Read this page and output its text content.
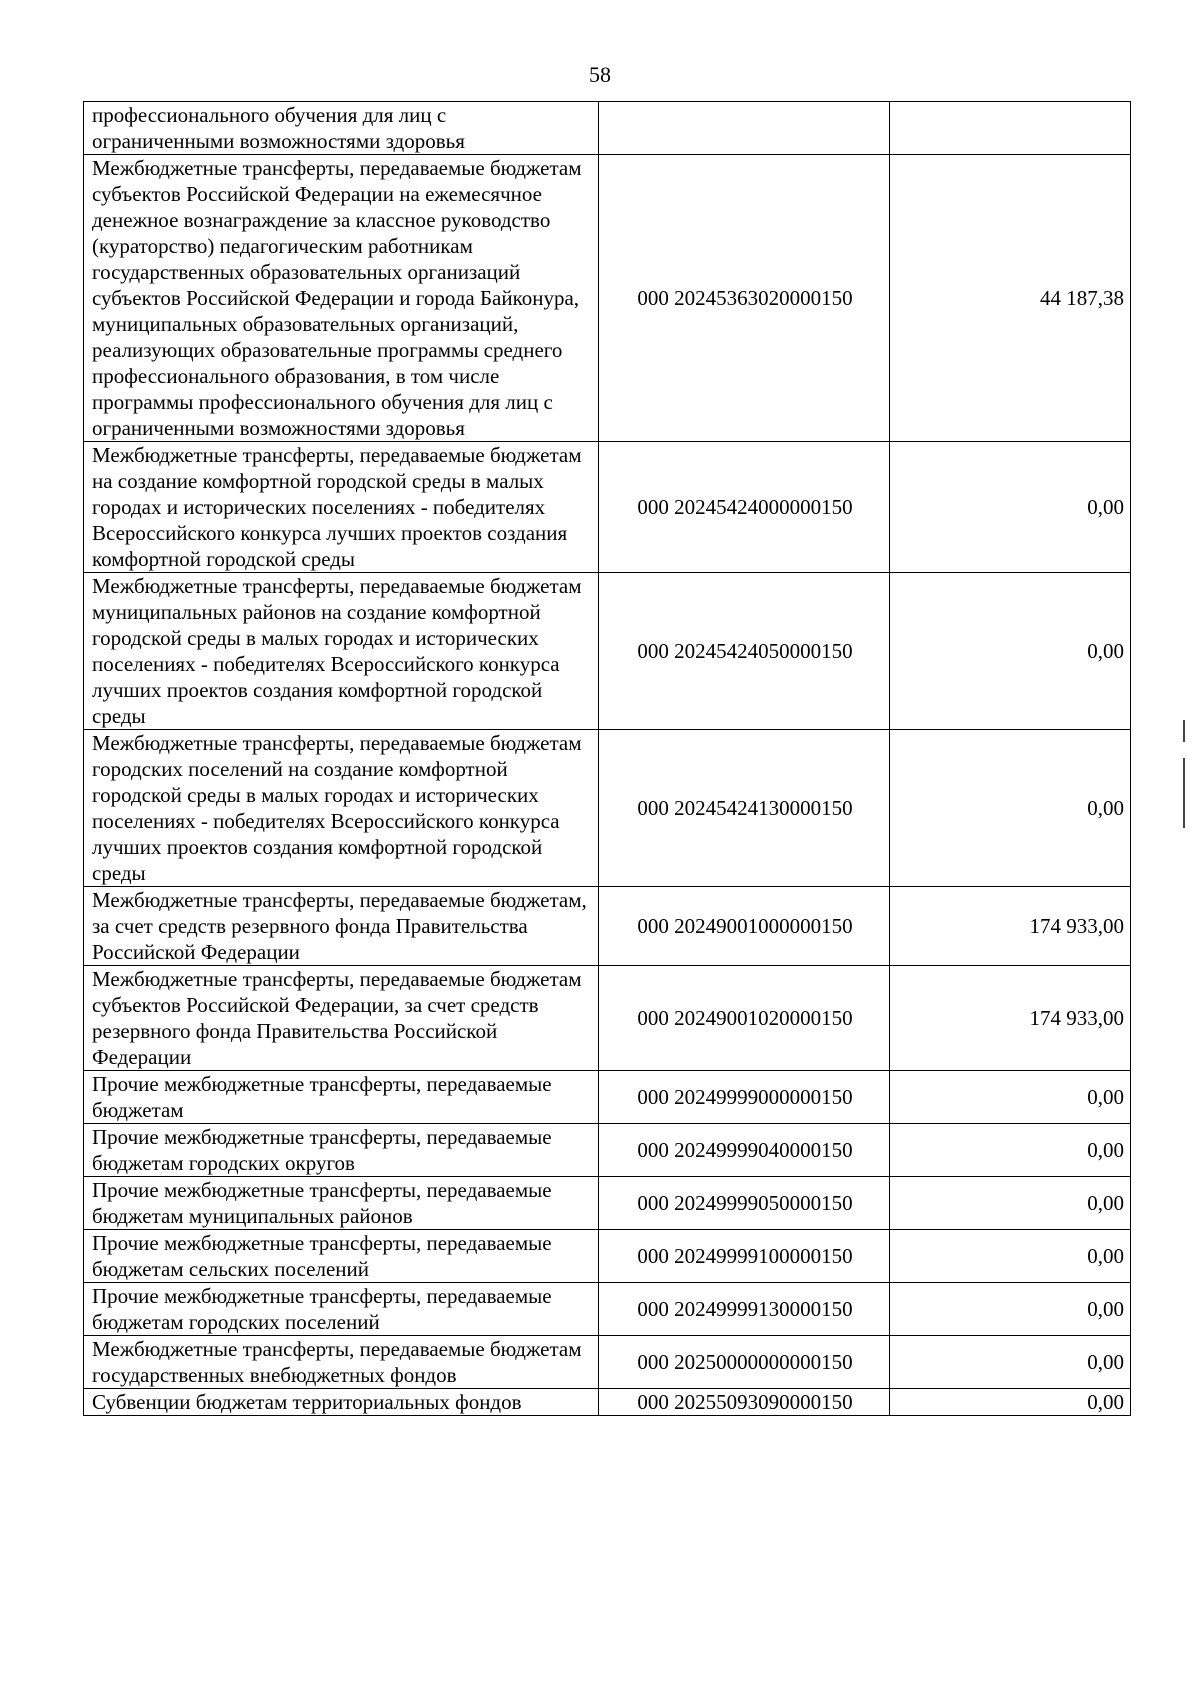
58
профессионального обучения для лиц с ограниченными возможностями здоровья		
Межбюджетные трансферты, передаваемые бюджетам субъектов Российской Федерации на ежемесячное денежное вознаграждение за классное руководство (кураторство) педагогическим работникам государственных образовательных организаций субъектов Российской Федерации и города Байконура, муниципальных образовательных организаций, реализующих образовательные программы среднего профессионального образования, в том числе программы профессионального обучения для лиц с ограниченными возможностями здоровья	000 20245363020000150	44 187,38
Межбюджетные трансферты, передаваемые бюджетам на создание комфортной городской среды в малых городах и исторических поселениях - победителях Всероссийского конкурса лучших проектов создания комфортной городской среды	000 20245424000000150	0,00
Межбюджетные трансферты, передаваемые бюджетам муниципальных районов на создание комфортной городской среды в малых городах и исторических поселениях - победителях Всероссийского конкурса лучших проектов создания комфортной городской среды	000 20245424050000150	0,00
Межбюджетные трансферты, передаваемые бюджетам городских поселений на создание комфортной городской среды в малых городах и исторических поселениях - победителях Всероссийского конкурса лучших проектов создания комфортной городской среды	000 20245424130000150	0,00
Межбюджетные трансферты, передаваемые бюджетам, за счет средств резервного фонда Правительства Российской Федерации	000 20249001000000150	174 933,00
Межбюджетные трансферты, передаваемые бюджетам субъектов Российской Федерации, за счет средств резервного фонда Правительства Российской Федерации	000 20249001020000150	174 933,00
Прочие межбюджетные трансферты, передаваемые бюджетам	000 20249999000000150	0,00
Прочие межбюджетные трансферты, передаваемые бюджетам городских округов	000 20249999040000150	0,00
Прочие межбюджетные трансферты, передаваемые бюджетам муниципальных районов	000 20249999050000150	0,00
Прочие межбюджетные трансферты, передаваемые бюджетам сельских поселений	000 20249999100000150	0,00
Прочие межбюджетные трансферты, передаваемые бюджетам городских поселений	000 20249999130000150	0,00
Межбюджетные трансферты, передаваемые бюджетам государственных внебюджетных фондов	000 20250000000000150	0,00
Субвенции бюджетам территориальных фондов	000 20255093090000150	0,00
